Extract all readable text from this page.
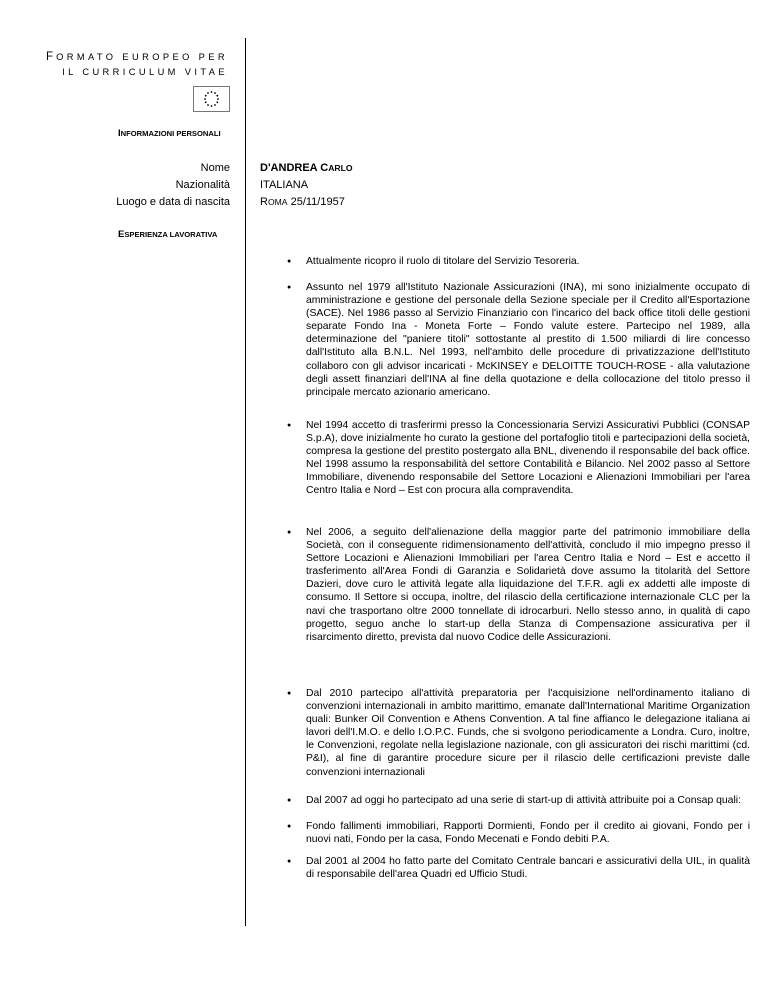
FORMATO EUROPEO PER
IL CURRICULUM VITAE
INFORMAZIONI PERSONALI
Nome	D'ANDREA CARLO
Nazionalità	ITALIANA
Luogo e data di nascita	ROMA 25/11/1957
ESPERIENZA LAVORATIVA
● Attualmente ricopro il ruolo di titolare del Servizio Tesoreria.
● Assunto nel 1979 all'Istituto Nazionale Assicurazioni (INA), mi sono inizialmente occupato di amministrazione e gestione del personale della Sezione speciale per il Credito all'Esportazione (SACE). Nel 1986 passo al Servizio Finanziario con l'incarico del back office titoli delle gestioni separate Fondo Ina - Moneta Forte – Fondo valute estere. Partecipo nel 1989, alla determinazione del "paniere titoli" sottostante al prestito di 1.500 miliardi di lire concesso dall'Istituto alla B.N.L. Nel 1993, nell'ambito delle procedure di privatizzazione dell'Istituto collaboro con gli advisor incaricati - McKINSEY e DELOITTE TOUCH-ROSE - alla valutazione degli assett finanziari dell'INA al fine della quotazione e della collocazione del titolo presso il principale mercato azionario americano.
● Nel 1994 accetto di trasferirmi presso la Concessionaria Servizi Assicurativi Pubblici (CONSAP S.p.A), dove inizialmente ho curato la gestione del portafoglio titoli e partecipazioni della società, compresa la gestione del prestito postergato alla BNL, divenendo il responsabile del back office. Nel 1998 assumo la responsabilità del settore Contabilità e Bilancio. Nel 2002 passo al Settore Immobiliare, divenendo responsabile del Settore Locazioni e Alienazioni Immobiliari per l'area Centro Italia e Nord – Est con procura alla compravendita.
● Nel 2006, a seguito dell'alienazione della maggior parte del patrimonio immobiliare della Società, con il conseguente ridimensionamento dell'attività, concludo il mio impegno presso il Settore Locazioni e Alienazioni Immobiliari per l'area Centro Italia e Nord – Est e accetto il trasferimento all'Area Fondi di Garanzia e Solidarietà dove assumo la titolarità del Settore Dazieri, dove curo le attività legate alla liquidazione del T.F.R. agli ex addetti alle imposte di consumo. Il Settore si occupa, inoltre, del rilascio della certificazione internazionale CLC per la navi che trasportano oltre 2000 tonnellate di idrocarburi. Nello stesso anno, in qualità di capo progetto, seguo anche lo start-up della Stanza di Compensazione assicurativa per il risarcimento diretto, prevista dal nuovo Codice delle Assicurazioni.
● Dal 2010 partecipo all'attività preparatoria per l'acquisizione nell'ordinamento italiano di convenzioni internazionali in ambito marittimo, emanate dall'International Maritime Organization quali: Bunker Oil Convention e Athens Convention. A tal fine affianco le delegazione italiana ai lavori dell'I.M.O. e dello I.O.P.C. Funds, che si svolgono periodicamente a Londra. Curo, inoltre, le Convenzioni, regolate nella legislazione nazionale, con gli assicuratori dei rischi marittimi (cd. P&I), al fine di garantire procedure sicure per il rilascio delle certificazioni previste dalle convenzioni internazionali
● Dal 2007 ad oggi ho partecipato ad una serie di start-up di attività attribuite poi a Consap quali:
● Fondo fallimenti immobiliari, Rapporti Dormienti, Fondo per il credito ai giovani, Fondo per i nuovi nati, Fondo per la casa, Fondo Mecenati e Fondo debiti P.A.
● Dal 2001 al 2004 ho fatto parte del Comitato Centrale bancari e assicurativi della UIL, in qualità di responsabile dell'area Quadri ed Ufficio Studi.
